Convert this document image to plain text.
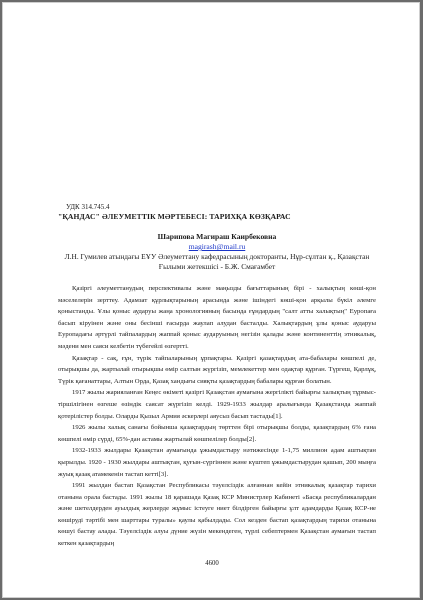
УДК 314.745.4
"ҚАНДАС" ӘЛЕУМЕТТІК МӘРТЕБЕСІ: ТАРИХҚА КӨЗҚАРАС
Шарипова Магираш Каирбековна
magirash@mail.ru
Л.Н. Гумилев атындағы ЕҰУ Әлеуметтану кафедрасының докторанты, Нұр-сұлтан қ., Қазақстан
Ғылыми жетекшісі - Б.Ж. Смағамбет

Қазіргі әлеуметтанудың перспективалы және маңызды бағыттарының бірі - халықтың көші-қон мәселелерін зерттеу. Адамзат құрлықтарының арасында және ішіндегі көші-қон арқылы бүкіл әлемге қоныстанды. Ұлы қоныс аударуы жаңа хронологияның басында ғұндардың "салт атты халықтың" Еуропаға басып кіруінен және оны бесінші ғасырда жаулап алудан басталды. Халықтардың ұлы қоныс аударуы Еуропадағы әртүрлі тайпалардың жаппай қоныс аударуының негізін қалады және континенттің этникалық, мәдени мен саяси келбетін түбегейлі өзгертті.

Қазақтар - сақ, ғұн, түрік тайпаларының ұрпақтары. Қазіргі қазақтардың ата-бабалары көшпелі де, отырықшы да, жартылай отырықшы өмір салтын жүргізіп, мемлекеттер мен одақтар құрған. Түргеш, Қарлұқ, Түрік қағанаттары, Алтын Орда, Қазақ хандығы сияқты қазақтардың бабалары құрған болатын.

1917 жылы жарияланған Кеңес өкіметі қазіргі Қазақстан аумағына жергілікті байырғы халықтың тұрмыс-тіршілігінен өзгеше өзіндік саясат жүргізіп келді. 1929-1933 жылдар аралығында Қазақстанда жаппай қотерілістер болды. Оларды Қызыл Армия әскерлері аяусыз басып тастады[1].

1926 жылы халық санағы бойынша қазақтардың төрттен бірі отырықшы болды, қазақтардың 6% ғана көшпелі өмір сүрді, 65%-дан астамы жартылай көшпелілер болды[2].

1932-1933 жылдары Қазақстан аумағында ұжымдастыру нәтижесінде 1-1,75 миллион адам аштықтан қырылды. 1920 - 1930 жылдары аштықтан, қуғын-сүргіннен және күштеп ұжымдастырудан қашып, 200 мыңға жуық қазақ атамекенін тастап кетті[3].

1991 жылдан бастап Қазақстан Республикасы тәуелсіздік алғаннан кейін этникалық қазақтар тарихи отанына орала бастады. 1991 жылы 18 қарашада Қазақ КСР Министрлер Кабинеті «Басқа республикалардан және шетелдерден ауылдық жерлерде жұмыс істеуге ниет білдірген байырғы ұлт адамдарды Қазақ КСР-не көшіруді тәртібі мен шарттары туралы» қаулы қабылдады. Сол кезден бастап қазақтардың тарихи отанына көшуі бастау алады. Тәуелсіздік алуы дүние жүзін мекендеген, түрлі себептермен Қазақстан аумағын тастап кеткен қазақтардың

4600
